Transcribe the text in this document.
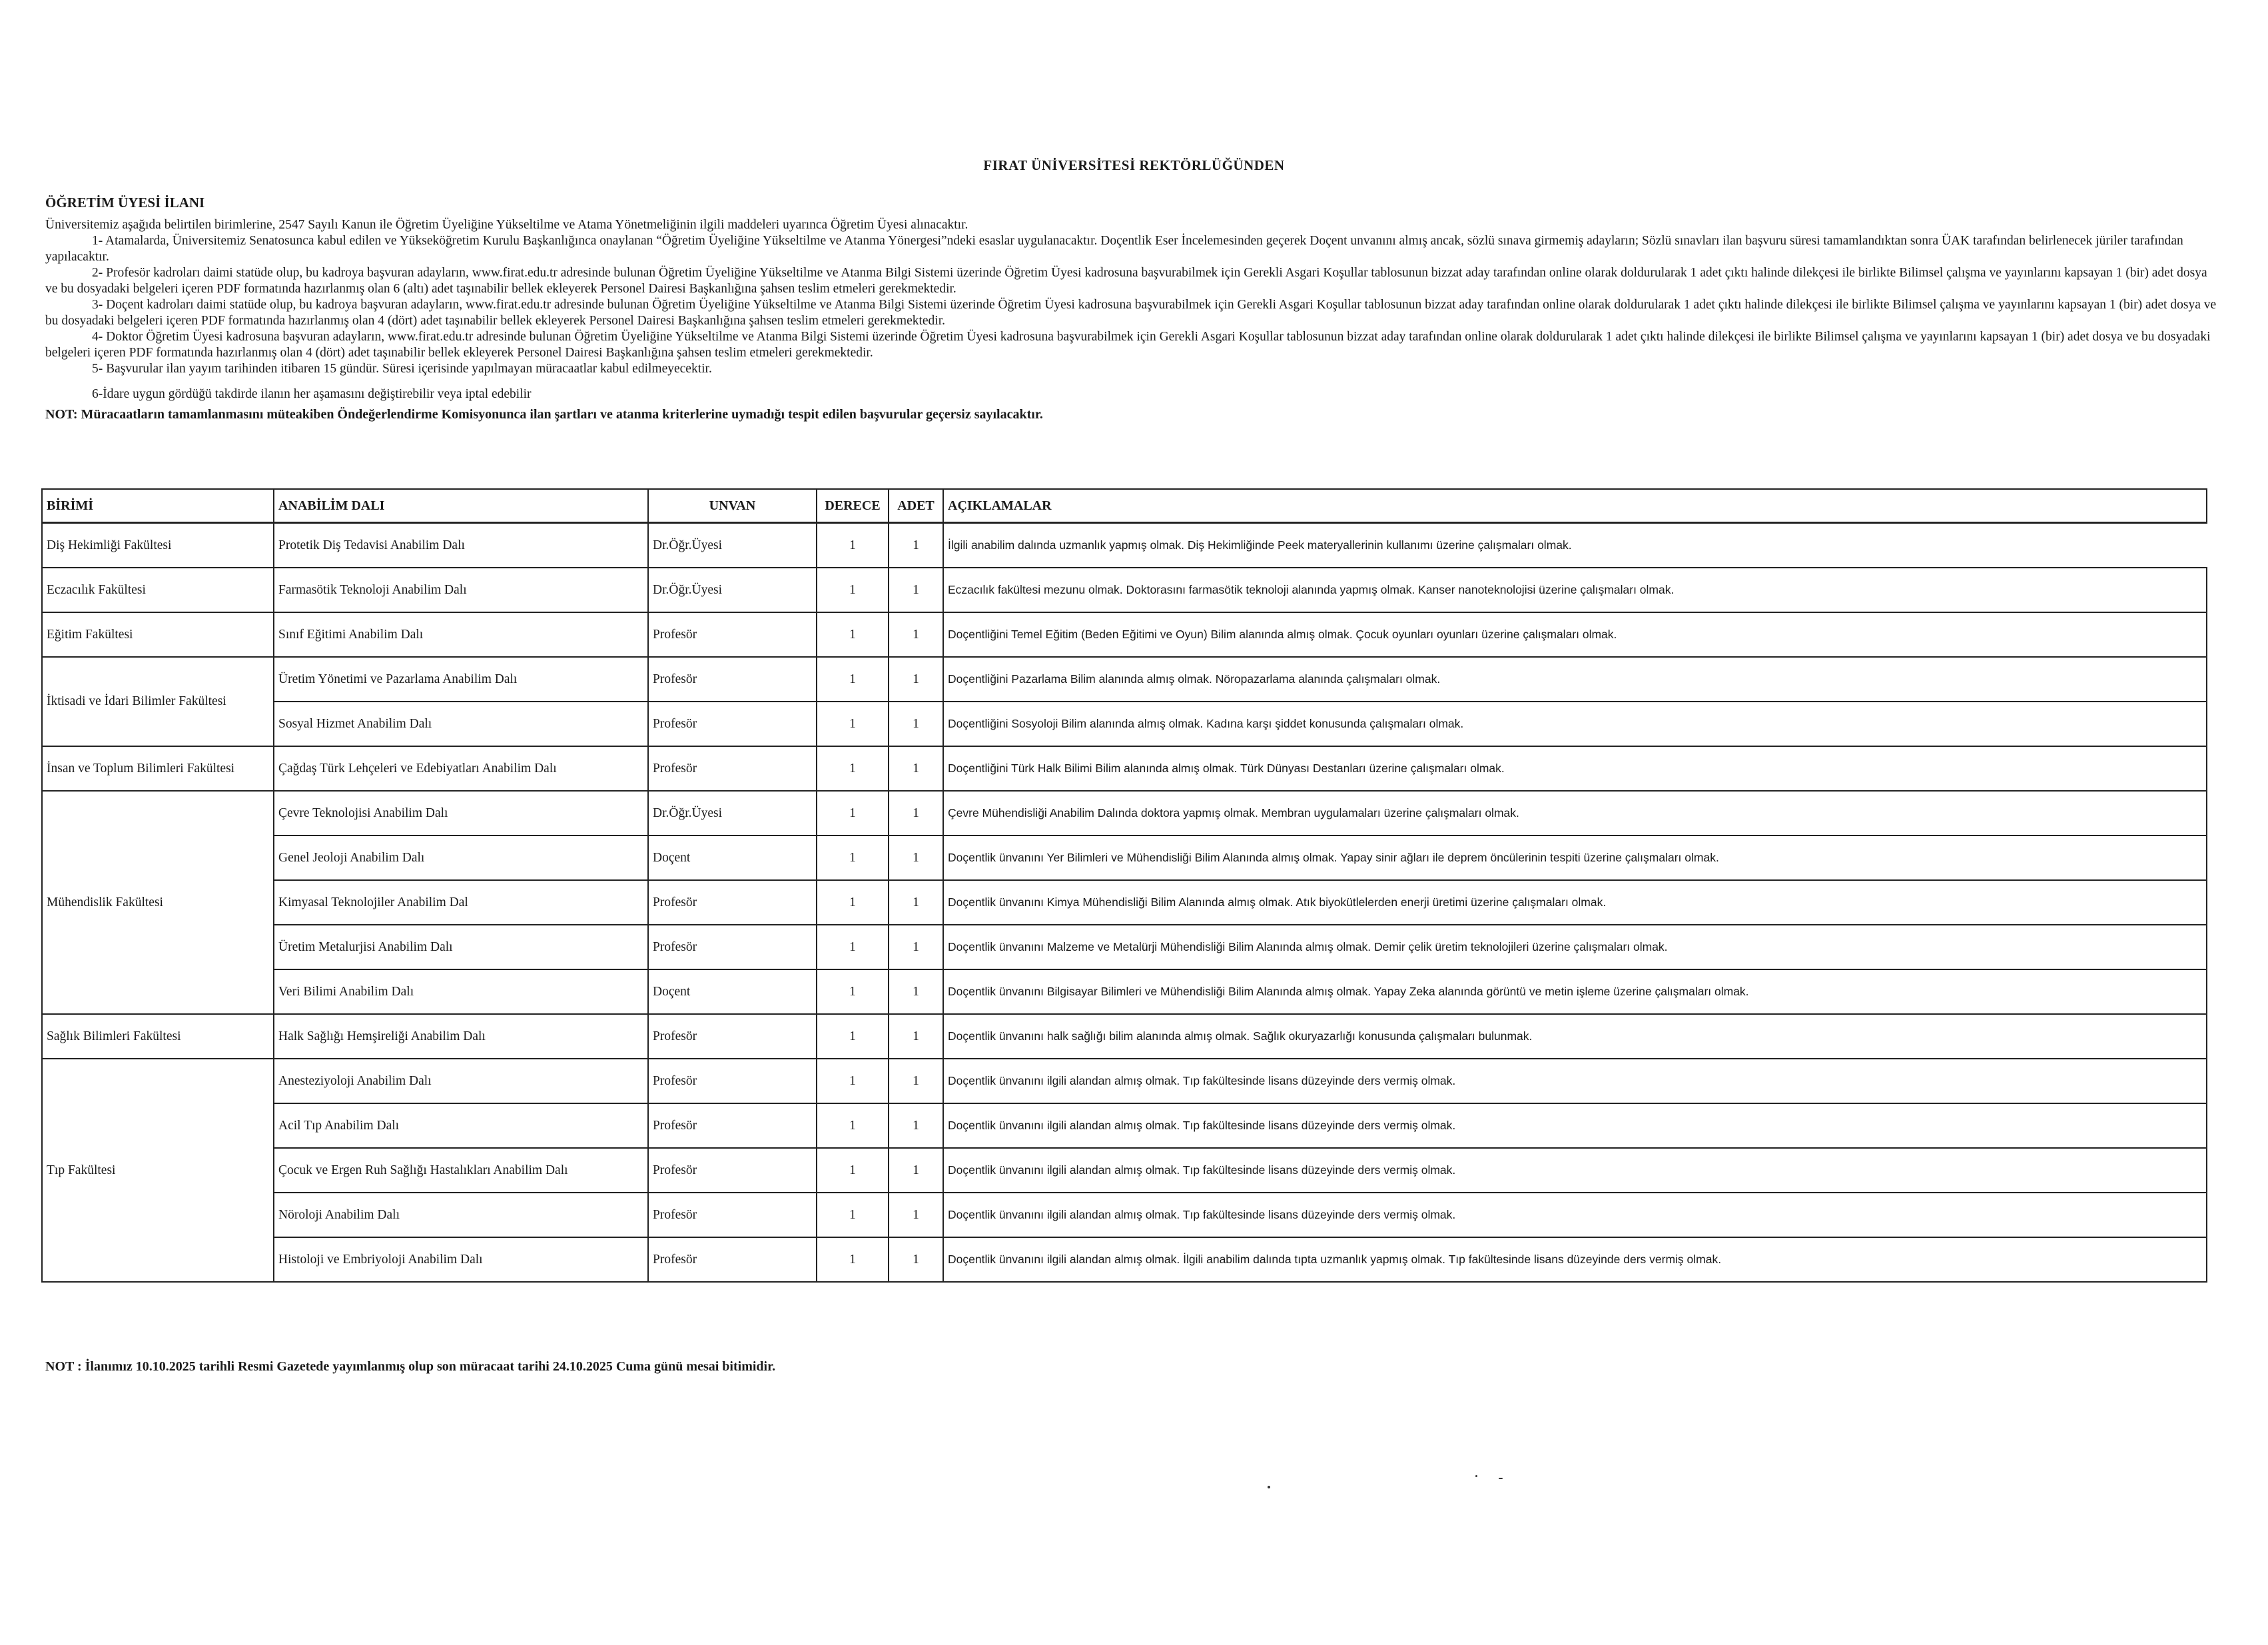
FIRAT ÜNİVERSİTESİ REKTÖRLÜĞÜNDEN
ÖĞRETİM ÜYESİ İLANI

Üniversitemiz aşağıda belirtilen birimlerine, 2547 Sayılı Kanun ile Öğretim Üyeliğine Yükseltilme ve Atama Yönetmeliğinin ilgili maddeleri uyarınca Öğretim Üyesi alınacaktır.

1- Atamalarda, Üniversitemiz Senatosunca kabul edilen ve Yükseköğretim Kurulu Başkanlığınca onaylanan “Öğretim Üyeliğine Yükseltilme ve Atanma Yönergesi”ndeki esaslar uygulanacaktır. Doçentlik Eser İncelemesinden geçerek Doçent unvanını almış ancak, sözlü sınava girmemiş adayların; Sözlü sınavları ilan başvuru süresi tamamlandıktan sonra ÜAK tarafından belirlenecek jüriler tarafından yapılacaktır.

2- Profesör kadroları daimi statüde olup, bu kadroya başvuran adayların, www.firat.edu.tr adresinde bulunan Öğretim Üyeliğine Yükseltilme ve Atanma Bilgi Sistemi üzerinde Öğretim Üyesi kadrosuna başvurabilmek için Gerekli Asgari Koşullar tablosunun bizzat aday tarafından online olarak doldurularak 1 adet çıktı halinde dilekçesi ile birlikte Bilimsel çalışma ve yayınlarını kapsayan 1 (bir) adet dosya ve bu dosyadaki belgeleri içeren PDF formatında hazırlanmış olan 6 (altı) adet taşınabilir bellek ekleyerek Personel Dairesi Başkanlığına şahsen teslim etmeleri gerekmektedir.

3- Doçent kadroları daimi statüde olup, bu kadroya başvuran adayların, www.firat.edu.tr adresinde bulunan Öğretim Üyeliğine Yükseltilme ve Atanma Bilgi Sistemi üzerinde Öğretim Üyesi kadrosuna başvurabilmek için Gerekli Asgari Koşullar tablosunun bizzat aday tarafından online olarak doldurularak 1 adet çıktı halinde dilekçesi ile birlikte Bilimsel çalışma ve yayınlarını kapsayan 1 (bir) adet dosya ve bu dosyadaki belgeleri içeren PDF formatında hazırlanmış olan 4 (dört) adet taşınabilir bellek ekleyerek Personel Dairesi Başkanlığına şahsen teslim etmeleri gerekmektedir.

4- Doktor Öğretim Üyesi kadrosuna başvuran adayların, www.firat.edu.tr adresinde bulunan Öğretim Üyeliğine Yükseltilme ve Atanma Bilgi Sistemi üzerinde Öğretim Üyesi kadrosuna başvurabilmek için Gerekli Asgari Koşullar tablosunun bizzat aday tarafından online olarak doldurularak 1 adet çıktı halinde dilekçesi ile birlikte Bilimsel çalışma ve yayınlarını kapsayan 1 (bir) adet dosya ve bu dosyadaki belgeleri içeren PDF formatında hazırlanmış olan 4 (dört) adet taşınabilir bellek ekleyerek Personel Dairesi Başkanlığına şahsen teslim etmeleri gerekmektedir.

5- Başvurular ilan yayım tarihinden itibaren 15 gündür. Süresi içerisinde yapılmayan müracaatlar kabul edilmeyecektir.

6-İdare uygun gördüğü takdirde ilanın her aşamasını değiştirebilir veya iptal edebilir

NOT: Müracaatların tamamlanmasını müteakiben Öndeğerlendirme Komisyonunca ilan şartları ve atanma kriterlerine uymadığı tespit edilen başvurular geçersiz sayılacaktır.

BİRİMİ	ANABİLİM DALI	UNVAN	DERECE	ADET	AÇIKLAMALAR
Diş Hekimliği Fakültesi	Protetik Diş Tedavisi Anabilim Dalı	Dr.Öğr.Üyesi	1	1	İlgili anabilim dalında uzmanlık yapmış olmak. Diş Hekimliğinde Peek materyallerinin kullanımı üzerine çalışmaları olmak.
Eczacılık Fakültesi	Farmasötik Teknoloji Anabilim Dalı	Dr.Öğr.Üyesi	1	1	Eczacılık fakültesi mezunu olmak. Doktorasını farmasötik teknoloji alanında yapmış olmak. Kanser nanoteknolojisi üzerine çalışmaları olmak.
Eğitim Fakültesi	Sınıf Eğitimi Anabilim Dalı	Profesör	1	1	Doçentliğini Temel Eğitim (Beden Eğitimi ve Oyun) Bilim alanında almış olmak. Çocuk oyunları oyunları üzerine çalışmaları olmak.
İktisadi ve İdari Bilimler Fakültesi	Üretim Yönetimi ve Pazarlama Anabilim Dalı	Profesör	1	1	Doçentliğini Pazarlama Bilim alanında almış olmak. Nöropazarlama alanında çalışmaları olmak.
	Sosyal Hizmet Anabilim Dalı	Profesör	1	1	Doçentliğini Sosyoloji Bilim alanında almış olmak. Kadına karşı şiddet konusunda çalışmaları olmak.
İnsan ve Toplum Bilimleri Fakültesi	Çağdaş Türk Lehçeleri ve Edebiyatları Anabilim Dalı	Profesör	1	1	Doçentliğini Türk Halk Bilimi Bilim alanında almış olmak. Türk Dünyası Destanları üzerine çalışmaları olmak.
Mühendislik Fakültesi	Çevre Teknolojisi Anabilim Dalı	Dr.Öğr.Üyesi	1	1	Çevre Mühendisliği Anabilim Dalında doktora yapmış olmak. Membran uygulamaları üzerine çalışmaları olmak.
	Genel Jeoloji Anabilim Dalı	Doçent	1	1	Doçentlik ünvanını Yer Bilimleri ve Mühendisliği Bilim Alanında almış olmak. Yapay sinir ağları ile deprem öncülerinin tespiti üzerine çalışmaları olmak.
	Kimyasal Teknolojiler Anabilim Dal	Profesör	1	1	Doçentlik ünvanını Kimya Mühendisliği Bilim Alanında almış olmak. Atık biyokütlelerden enerji üretimi üzerine çalışmaları olmak.
	Üretim Metalurjisi Anabilim Dalı	Profesör	1	1	Doçentlik ünvanını Malzeme ve Metalürji Mühendisliği Bilim Alanında almış olmak. Demir çelik üretim teknolojileri üzerine çalışmaları olmak.
	Veri Bilimi Anabilim Dalı	Doçent	1	1	Doçentlik ünvanını Bilgisayar Bilimleri ve Mühendisliği Bilim Alanında almış olmak. Yapay Zeka alanında görüntü ve metin işleme üzerine çalışmaları olmak.
Sağlık Bilimleri Fakültesi	Halk Sağlığı Hemşireliği Anabilim Dalı	Profesör	1	1	Doçentlik ünvanını halk sağlığı bilim alanında almış olmak. Sağlık okuryazarlığı konusunda çalışmaları bulunmak.
Tıp Fakültesi	Anesteziyoloji Anabilim Dalı	Profesör	1	1	Doçentlik ünvanını ilgili alandan almış olmak. Tıp fakültesinde lisans düzeyinde ders vermiş olmak.
	Acil Tıp Anabilim Dalı	Profesör	1	1	Doçentlik ünvanını ilgili alandan almış olmak. Tıp fakültesinde lisans düzeyinde ders vermiş olmak.
	Çocuk ve Ergen Ruh Sağlığı Hastalıkları Anabilim Dalı	Profesör	1	1	Doçentlik ünvanını ilgili alandan almış olmak. Tıp fakültesinde lisans düzeyinde ders vermiş olmak.
	Nöroloji Anabilim Dalı	Profesör	1	1	Doçentlik ünvanını ilgili alandan almış olmak. Tıp fakültesinde lisans düzeyinde ders vermiş olmak.
	Histoloji ve Embriyoloji Anabilim Dalı	Profesör	1	1	Doçentlik ünvanını ilgili alandan almış olmak. İlgili anabilim dalında tıpta uzmanlık yapmış olmak. Tıp fakültesinde lisans düzeyinde ders vermiş olmak.
NOT : İlanımız 10.10.2025 tarihli Resmi Gazetede yayımlanmış olup son müracaat tarihi 24.10.2025 Cuma günü mesai bitimidir.
